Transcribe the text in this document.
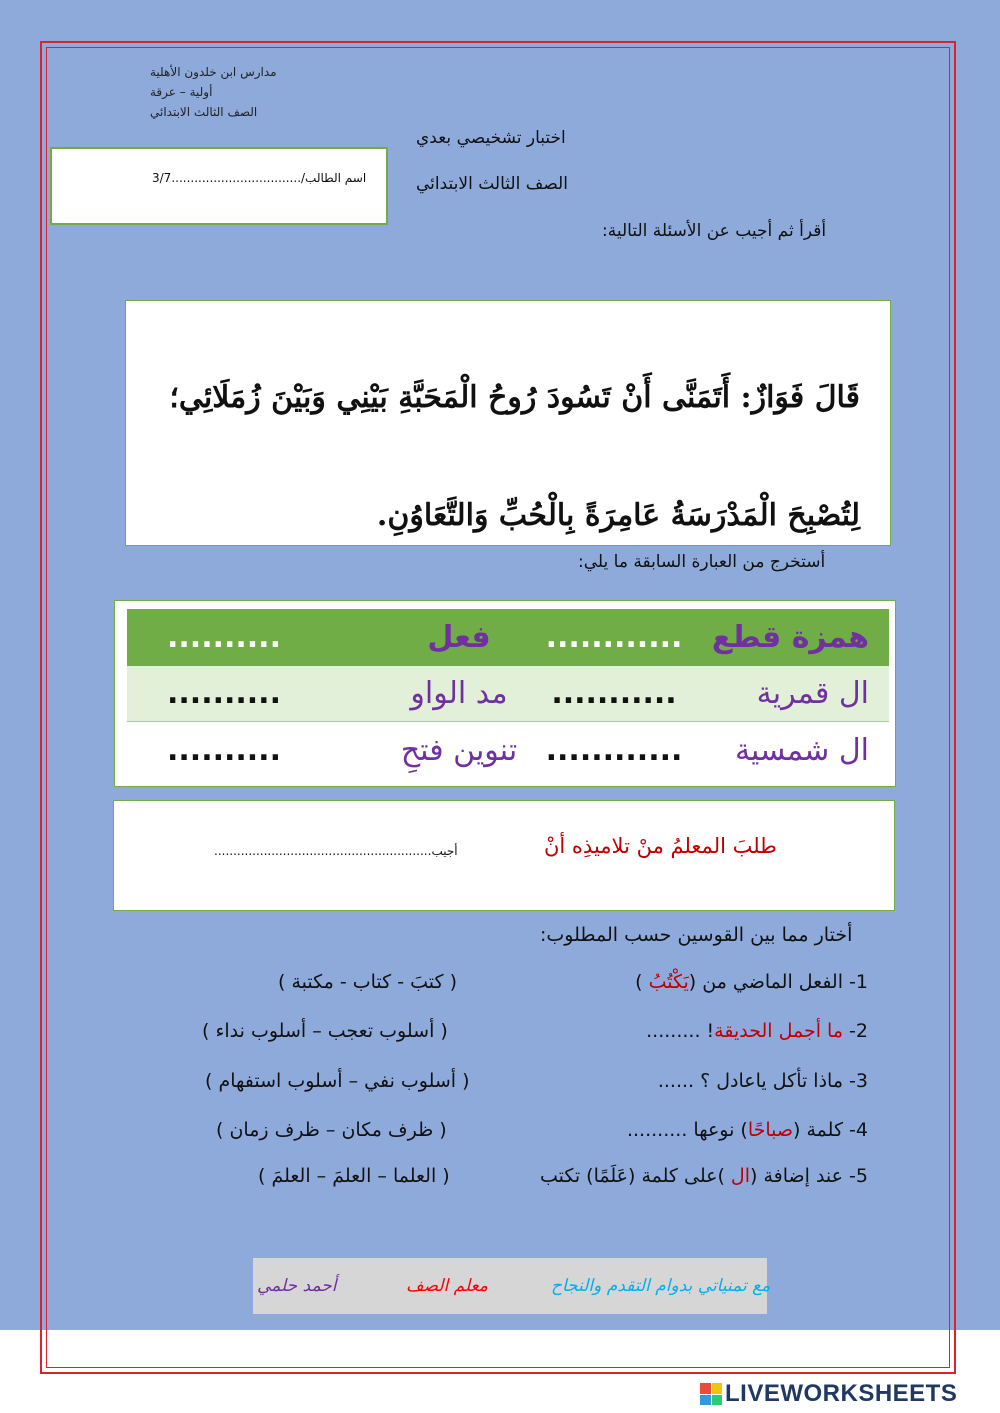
مدارس ابن خلدون الأهلية
أولية – عرقة
الصف الثالث الابتدائي
اسم الطالب/..................................3/7
اختبار تشخيصي بعدي
الصف الثالث الابتدائي
أقرأ ثم أجيب عن الأسئلة التالية:
قَالَ فَوَازٌ: أَتَمَنَّى أَنْ تَسُودَ رُوحُ الْمَحَبَّةِ بَيْنِي وَبَيْنَ زُمَلَائِي؛ لِتُصْبِحَ الْمَدْرَسَةُ عَامِرَةً بِالْحُبِّ وَالتَّعَاوُنِ.
أستخرج من العبارة السابقة ما يلي:
همزة قطع
............
فعل
..........
ال قمرية
...........
مد الواو
..........
ال شمسية
............
تنوين فتحِ
..........
طلبَ المعلمُ منْ تلاميذِه أنْ
.........................................................أجيب
أختار مما بين القوسين حسب المطلوب:
1- الفعل الماضي من (يَكْتُبُ )
( كتبَ - كتاب - مكتبة )
2- ما أجمل الحديقة! .........
( أسلوب تعجب – أسلوب نداء )
3- ماذا تأكل ياعادل ؟ ......
( أسلوب نفي – أسلوب استفهام )
4- كلمة (صباحًا) نوعها ..........
( ظرف مكان – ظرف زمان )
5- عند إضافة (ال )على كلمة (عَلَمًا) تكتب
( العلما – العلمَ – العلمَ )
مع تمنياتي بدوام التقدم والنجاح
معلم الصف
أحمد حلمي
LIVEWORKSHEETS
